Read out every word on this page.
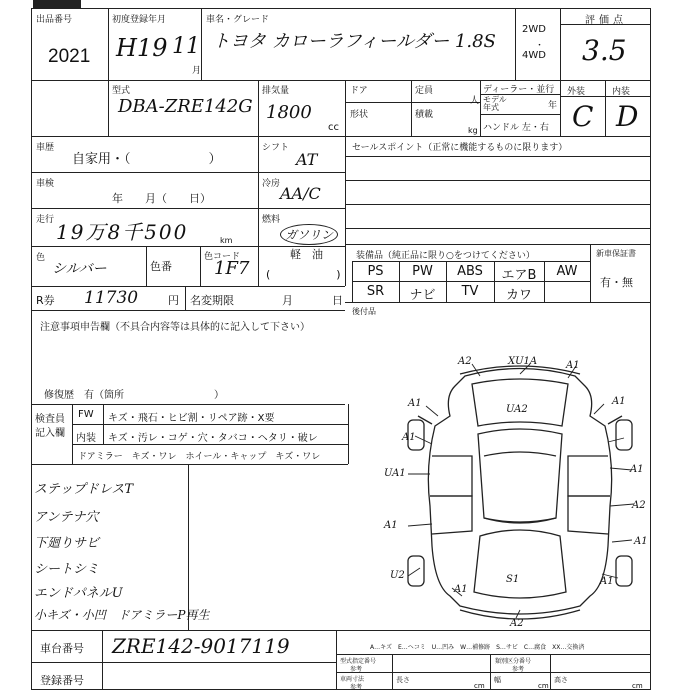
出品番号
2021
初度登録年月
H19 11
月
車名・グレード
トヨタ カローラフィールダー 1.8S
2WD
・
4WD
評価点
3.5
型式
DBA-ZRE142G
排気量
1800
cc
ドア	定員
人
形状	積載
kg
ディーラー・並行
モデル年式	年
ハンドル 左・右
外装	内装
C D
車歴
自家用・（　　　　　　）
シフト
AT
車検
年　　月（　　日）
冷房 AA/C
走行 19万8千500	km
燃料
ガソリン
軽　油
(　　　　　　)
色
シルバー	色番
色コード
1F7
R券 11730	円 名変期限	月	日
注意事項申告欄（不具合内容等は具体的に記入して下さい）
修復歴　有（箇所　　　　　　　　　）
セールスポイント（正常に機能するものに限ります）
装備品（純正品に限り○をつけてください）	新車保証書
PS	PW	ABS	エアB	AW
SR	ナビ	TV	カワ
有・無
後付品
検査員
記入欄
FW キズ・飛石・ヒビ割・リペア跡・X要
内装 キズ・汚レ・コゲ・穴・タバコ・ヘタリ・破レ
ドアミラー　キズ・ワレ　ホイール・キャップ　キズ・ワレ
ステップドレスT
アンテナ穴
下廻りサビ
シートシミ
エンドパネルU
小キズ・小凹　ドアミラーP再生
A2	XU1A	A1
A1
UA2
A1
A1
UA1	A1
A1
A2
A1
U2	S1
A1
A1
A2
A…キズ　E…ヘコミ　U…凹み　W…補修跡　S…サビ　C…腐食　XX…交換済
車台番号 ZRE142-9017119
登録番号
型式指定番号	類別区分番号
参考	参考
車両寸法
参考
長さ
cm
幅
cm
高さ
cm
